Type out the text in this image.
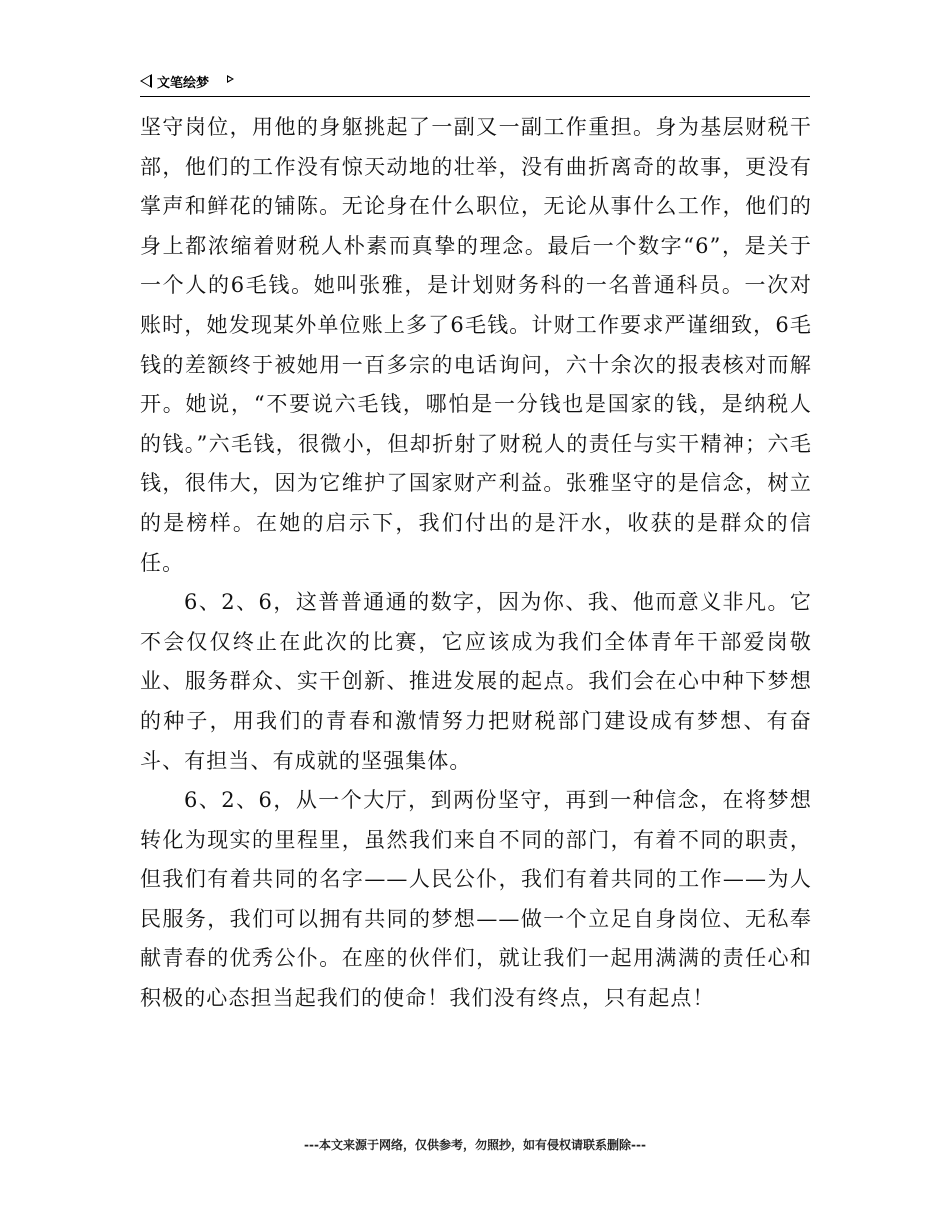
文笔绘梦

坚守岗位，用他的身躯挑起了一副又一副工作重担。身为基层财税干部，他们的工作没有惊天动地的壮举，没有曲折离奇的故事，更没有掌声和鲜花的铺陈。无论身在什么职位，无论从事什么工作，他们的身上都浓缩着财税人朴素而真挚的理念。最后一个数字“6”，是关于一个人的6毛钱。她叫张雅，是计划财务科的一名普通科员。一次对账时，她发现某外单位账上多了6毛钱。计财工作要求严谨细致，6毛钱的差额终于被她用一百多宗的电话询问，六十余次的报表核对而解开。她说，“不要说六毛钱，哪怕是一分钱也是国家的钱，是纳税人的钱。”六毛钱，很微小，但却折射了财税人的责任与实干精神；六毛钱，很伟大，因为它维护了国家财产利益。张雅坚守的是信念，树立的是榜样。在她的启示下，我们付出的是汗水，收获的是群众的信任。

6、2、6，这普普通通的数字，因为你、我、他而意义非凡。它不会仅仅终止在此次的比赛，它应该成为我们全体青年干部爱岗敬业、服务群众、实干创新、推进发展的起点。我们会在心中种下梦想的种子，用我们的青春和激情努力把财税部门建设成有梦想、有奋斗、有担当、有成就的坚强集体。

6、2、6，从一个大厅，到两份坚守，再到一种信念，在将梦想转化为现实的里程里，虽然我们来自不同的部门，有着不同的职责，但我们有着共同的名字——人民公仆，我们有着共同的工作——为人民服务，我们可以拥有共同的梦想——做一个立足自身岗位、无私奉献青春的优秀公仆。在座的伙伴们，就让我们一起用满满的责任心和积极的心态担当起我们的使命！我们没有终点，只有起点！

---本文来源于网络，仅供参考，勿照抄，如有侵权请联系删除---
